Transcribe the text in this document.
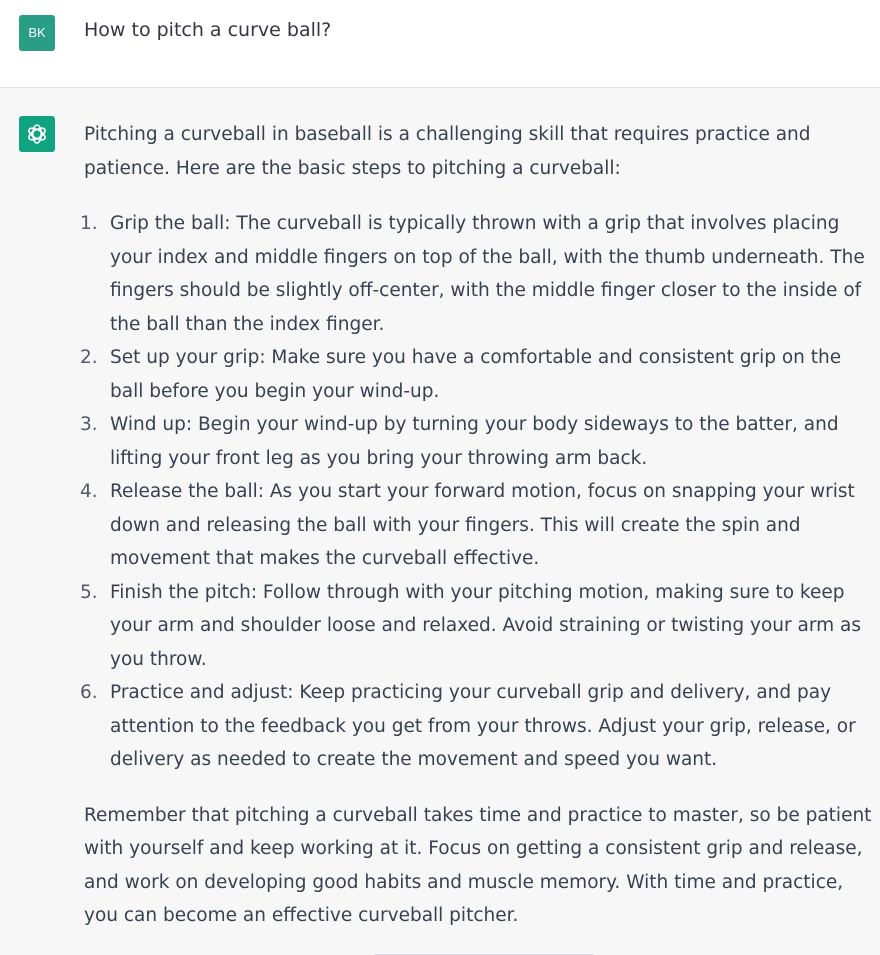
BK	How to pitch a curve ball?

Pitching a curveball in baseball is a challenging skill that requires practice and patience. Here are the basic steps to pitching a curveball:

1. Grip the ball: The curveball is typically thrown with a grip that involves placing your index and middle fingers on top of the ball, with the thumb underneath. The fingers should be slightly off-center, with the middle finger closer to the inside of the ball than the index finger.
2. Set up your grip: Make sure you have a comfortable and consistent grip on the ball before you begin your wind-up.
3. Wind up: Begin your wind-up by turning your body sideways to the batter, and lifting your front leg as you bring your throwing arm back.
4. Release the ball: As you start your forward motion, focus on snapping your wrist down and releasing the ball with your fingers. This will create the spin and movement that makes the curveball effective.
5. Finish the pitch: Follow through with your pitching motion, making sure to keep your arm and shoulder loose and relaxed. Avoid straining or twisting your arm as you throw.
6. Practice and adjust: Keep practicing your curveball grip and delivery, and pay attention to the feedback you get from your throws. Adjust your grip, release, or delivery as needed to create the movement and speed you want.

Remember that pitching a curveball takes time and practice to master, so be patient with yourself and keep working at it. Focus on getting a consistent grip and release, and work on developing good habits and muscle memory. With time and practice, you can become an effective curveball pitcher.
